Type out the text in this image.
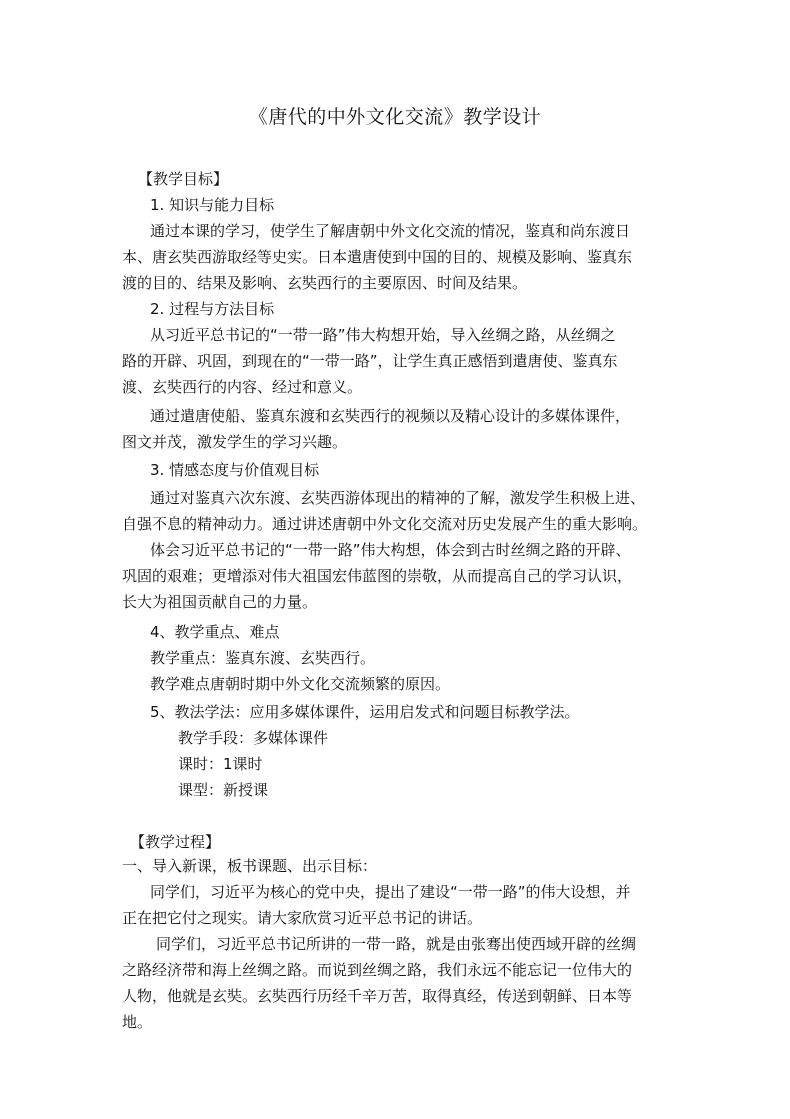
《唐代的中外文化交流》教学设计
【教学目标】
1. 知识与能力目标
通过本课的学习，使学生了解唐朝中外文化交流的情况，鉴真和尚东渡日
本、唐玄奘西游取经等史实。日本遣唐使到中国的目的、规模及影响、鉴真东
渡的目的、结果及影响、玄奘西行的主要原因、时间及结果。
2. 过程与方法目标
从习近平总书记的“一带一路”伟大构想开始，导入丝绸之路，从丝绸之
路的开辟、巩固，到现在的“一带一路”，让学生真正感悟到遣唐使、鉴真东
渡、玄奘西行的内容、经过和意义。
通过遣唐使船、鉴真东渡和玄奘西行的视频以及精心设计的多媒体课件，
图文并茂，激发学生的学习兴趣。
3. 情感态度与价值观目标
通过对鉴真六次东渡、玄奘西游体现出的精神的了解，激发学生积极上进、
自强不息的精神动力。通过讲述唐朝中外文化交流对历史发展产生的重大影响。
体会习近平总书记的“一带一路”伟大构想，体会到古时丝绸之路的开辟、
巩固的艰难；更增添对伟大祖国宏伟蓝图的崇敬，从而提高自己的学习认识，
长大为祖国贡献自己的力量。
4、教学重点、难点
教学重点：鉴真东渡、玄奘西行。
教学难点唐朝时期中外文化交流频繁的原因。
5、教法学法：应用多媒体课件，运用启发式和问题目标教学法。
教学手段：多媒体课件
课时：1课时
课型：新授课
【教学过程】
一、导入新课，板书课题、出示目标：
同学们，习近平为核心的党中央，提出了建设“一带一路”的伟大设想，并
正在把它付之现实。请大家欣赏习近平总书记的讲话。
同学们，习近平总书记所讲的一带一路，就是由张骞出使西域开辟的丝绸
之路经济带和海上丝绸之路。而说到丝绸之路，我们永远不能忘记一位伟大的
人物，他就是玄奘。玄奘西行历经千辛万苦，取得真经，传送到朝鲜、日本等
地。
